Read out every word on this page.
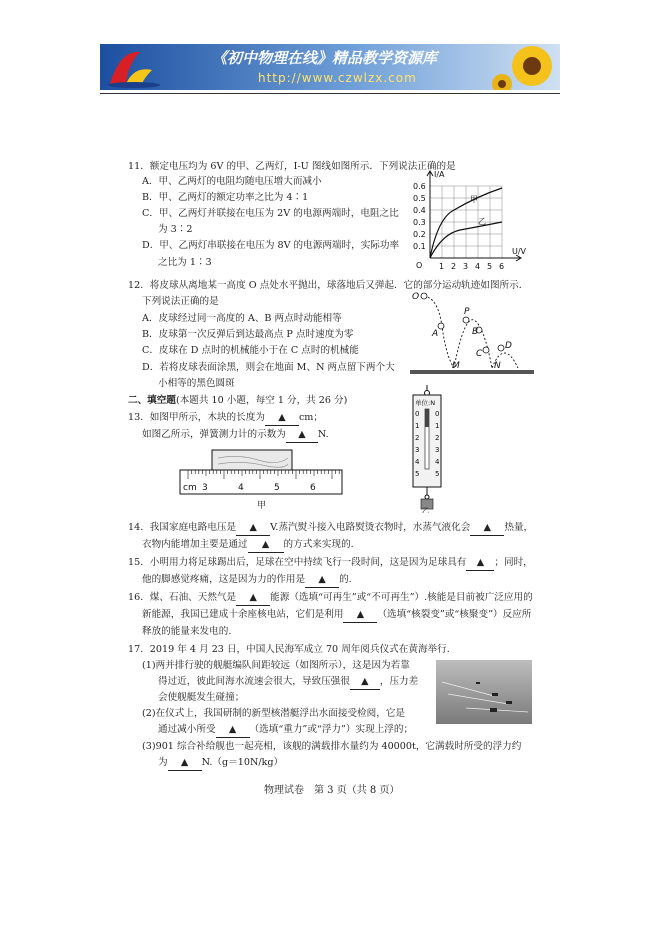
《初中物理在线》精品教学资源库
http://www.czwlzx.com
11．额定电压均为 6V 的甲、乙两灯，I-U 图线如图所示．下列说法正确的是
A．甲、乙两灯的电阻均随电压增大而减小
B．甲、乙两灯的额定功率之比为 4∶1
C．甲、乙两灯并联接在电压为 2V 的电源两端时，电阻之比
为 3∶2
D．甲、乙两灯串联接在电压为 8V 的电源两端时，实际功率
之比为 1∶3
I/A
U/V
O
0.6
0.5
0.4
0.3
0.2
0.1
1 2 3 4 5 6
甲
乙
12．将皮球从离地某一高度 O 点处水平抛出，球落地后又弹起．它的部分运动轨迹如图所示．
下列说法正确的是
A．皮球经过同一高度的 A、B 两点时动能相等
B．皮球第一次反弹后到达最高点 P 点时速度为零
C．皮球在 D 点时的机械能小于在 C 点时的机械能
D．若将皮球表面涂黑，则会在地面 M、N 两点留下两个大
小相等的黑色圆斑
O
A
P
B
D
C
M	N
二、填空题(本题共 10 小题，每空 1 分，共 26 分)
13．如图甲所示，木块的长度为 ▲ cm；
如图乙所示，弹簧测力计的示数为 ▲ N.
cm 3	4	5	6
甲
单位:N
0
1
2
3
4
5
0
1
2
3
4
5
乙
14．我国家庭电路电压是 ▲ V.蒸汽熨斗接入电路熨烫衣物时，水蒸气液化会 ▲ 热量，
衣物内能增加主要是通过 ▲ 的方式来实现的.
15．小明用力将足球踢出后，足球在空中持续飞行一段时间，这是因为足球具有 ▲ ；同时，
他的脚感觉疼痛，这是因为力的作用是 ▲ 的.
16．煤、石油、天然气是 ▲ 能源（选填“可再生”或“不可再生”）.核能是目前被广泛应用的
新能源，我国已建成十余座核电站，它们是利用 ▲ （选填“核裂变”或“核聚变”）反应所
释放的能量来发电的.
17．2019 年 4 月 23 日，中国人民海军成立 70 周年阅兵仪式在黄海举行.
(1)两并排行驶的舰艇编队间距较远（如图所示），这是因为若靠
得过近，彼此间海水流速会很大，导致压强很 ▲ ，压力差
会使舰艇发生碰撞；
(2)在仪式上，我国研制的新型核潜艇浮出水面接受检阅，它是
通过减小所受 ▲ （选填“重力”或“浮力”）实现上浮的；
(3)901 综合补给舰也一起亮相，该舰的满载排水量约为 40000t，它满载时所受的浮力约
为 ▲ N.（g＝10N/kg）
物理试卷　第 3 页（共 8 页）
